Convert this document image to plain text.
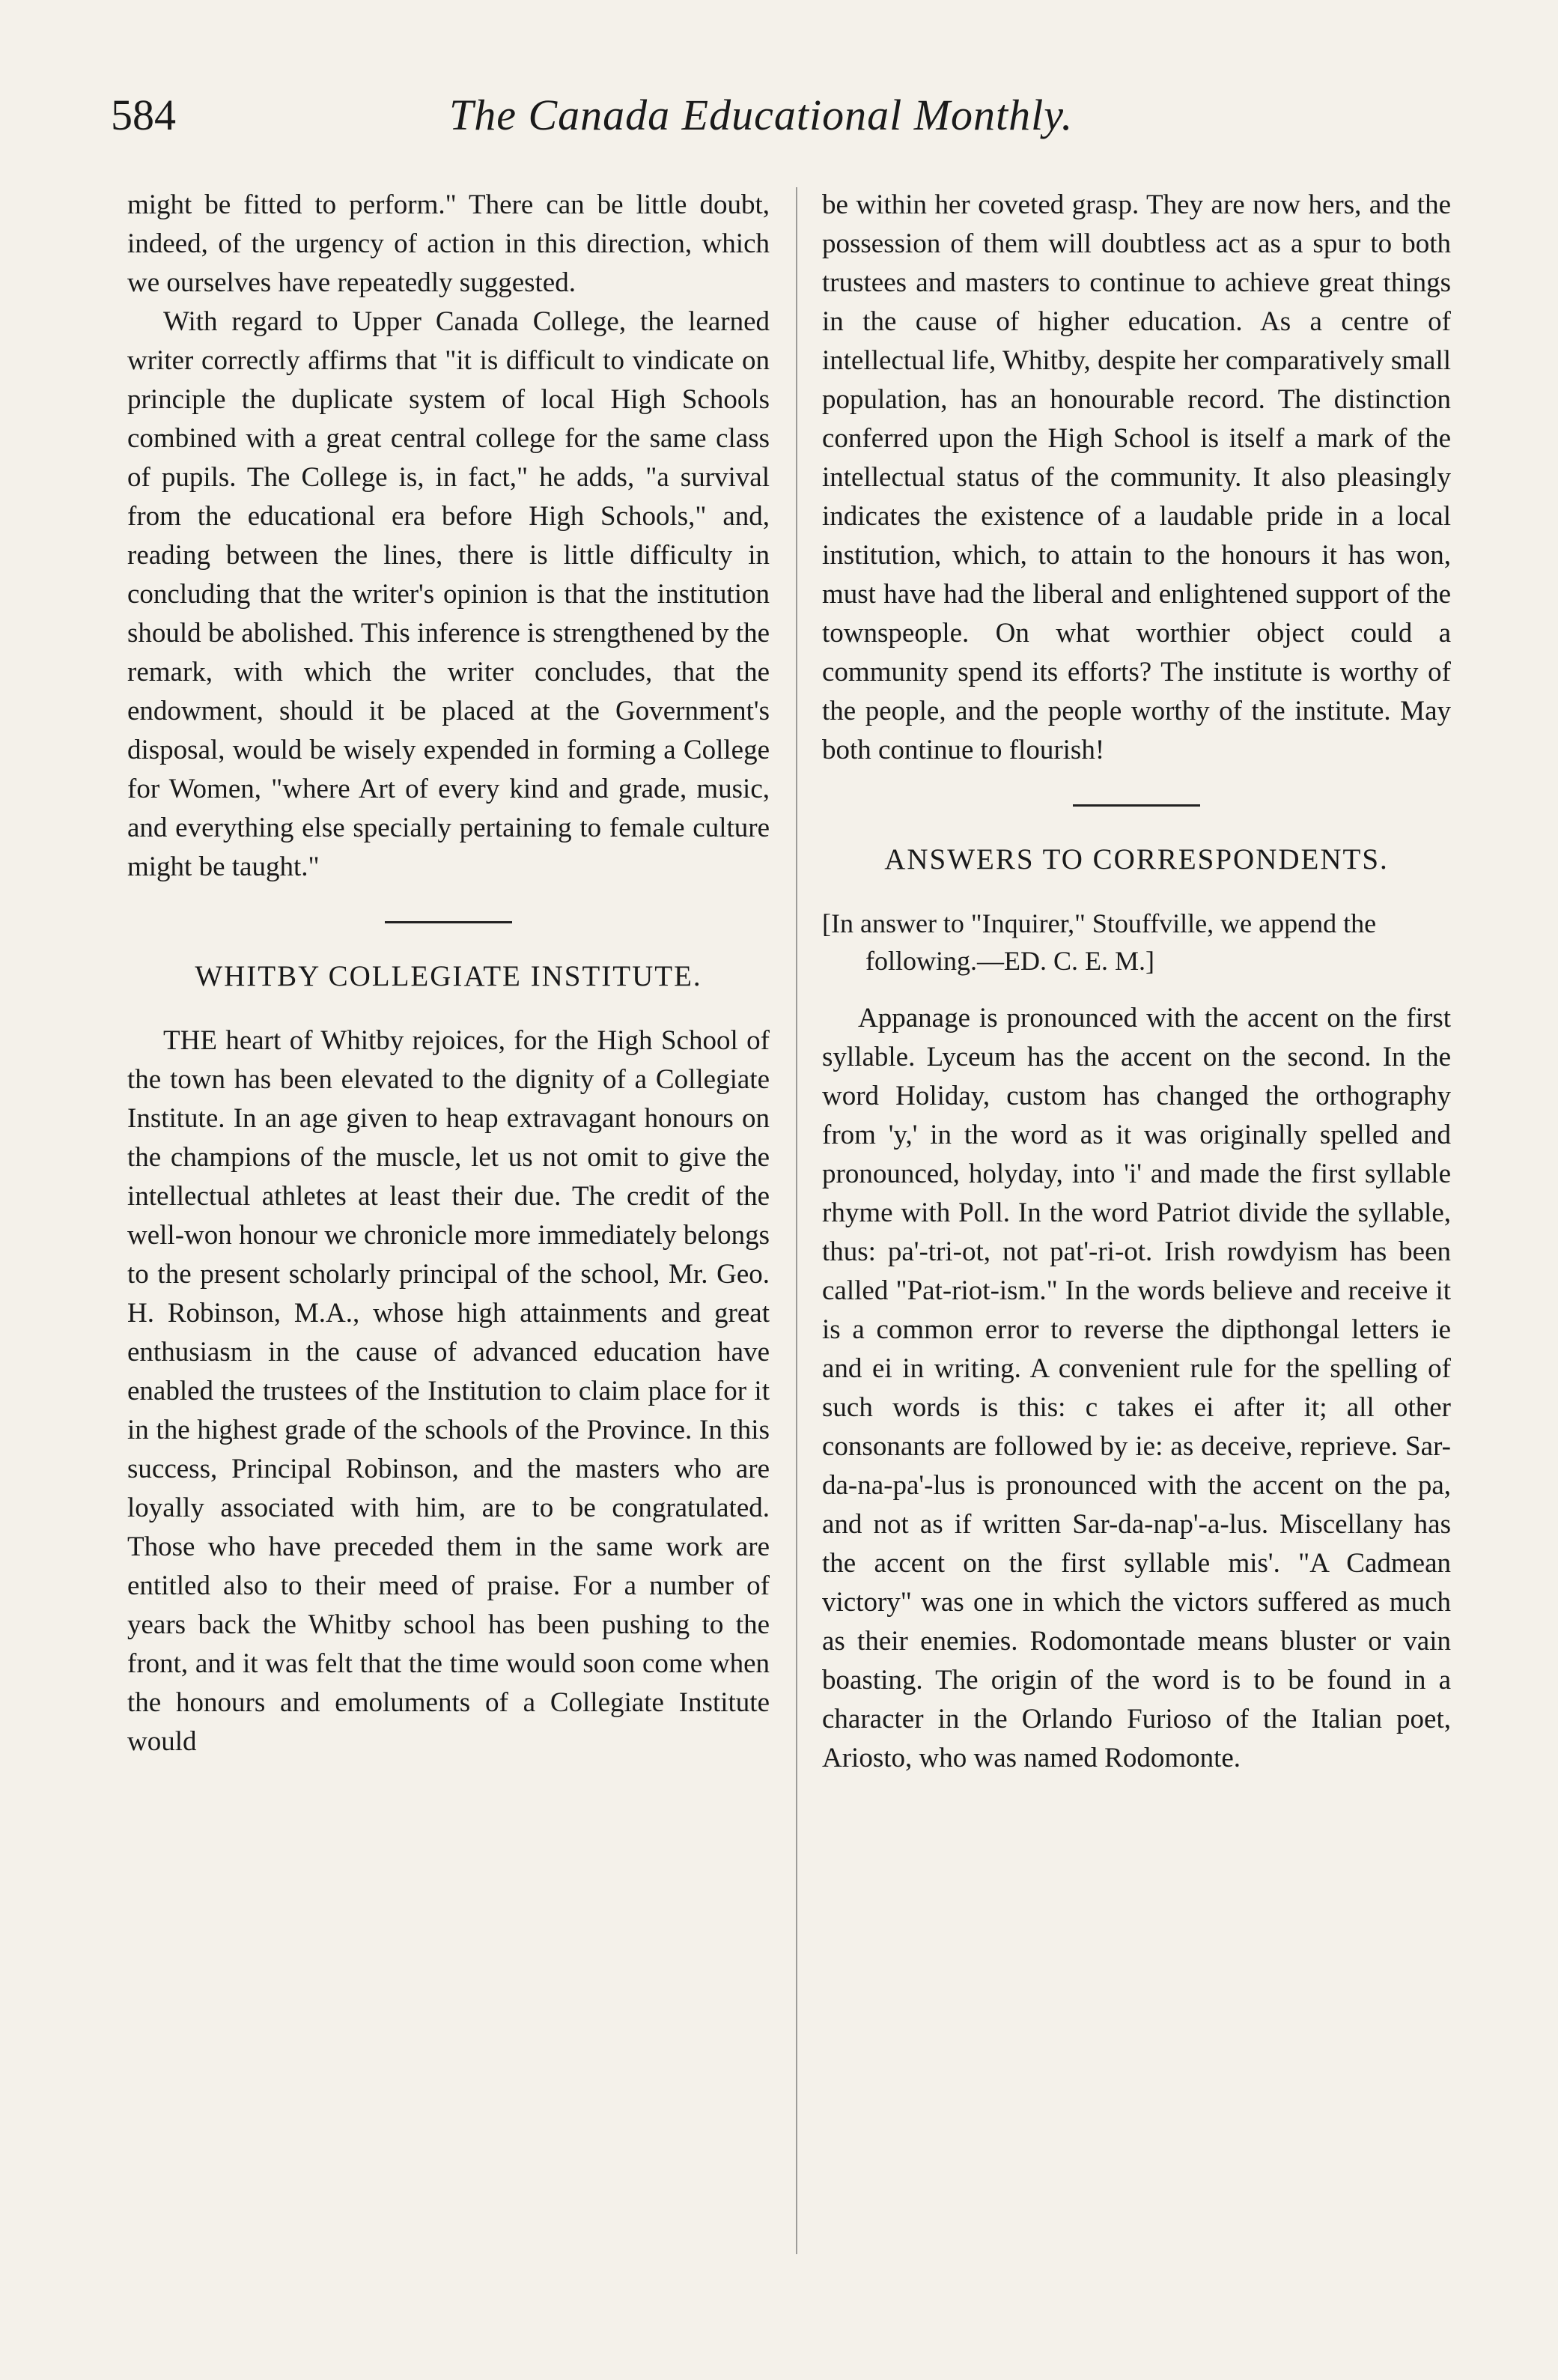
584	The Canada Educational Monthly.

might be fitted to perform." There can be little doubt, indeed, of the urgency of action in this direction, which we ourselves have repeatedly suggested.

With regard to Upper Canada College, the learned writer correctly affirms that "it is difficult to vindicate on principle the duplicate system of local High Schools combined with a great central college for the same class of pupils. The College is, in fact," he adds, "a survival from the educational era before High Schools," and, reading between the lines, there is little difficulty in concluding that the writer's opinion is that the institution should be abolished. This inference is strengthened by the remark, with which the writer concludes, that the endowment, should it be placed at the Government's disposal, would be wisely expended in forming a College for Women, "where Art of every kind and grade, music, and everything else specially pertaining to female culture might be taught."

WHITBY COLLEGIATE INSTITUTE.

THE heart of Whitby rejoices, for the High School of the town has been elevated to the dignity of a Collegiate Institute. In an age given to heap extravagant honours on the champions of the muscle, let us not omit to give the intellectual athletes at least their due. The credit of the well-won honour we chronicle more immediately belongs to the present scholarly principal of the school, Mr. Geo. H. Robinson, M.A., whose high attainments and great enthusiasm in the cause of advanced education have enabled the trustees of the Institution to claim place for it in the highest grade of the schools of the Province. In this success, Principal Robinson, and the masters who are loyally associated with him, are to be congratulated. Those who have preceded them in the same work are entitled also to their meed of praise. For a number of years back the Whitby school has been pushing to the front, and it was felt that the time would soon come when the honours and emoluments of a Collegiate Institute would

be within her coveted grasp. They are now hers, and the possession of them will doubtless act as a spur to both trustees and masters to continue to achieve great things in the cause of higher education. As a centre of intellectual life, Whitby, despite her comparatively small population, has an honourable record. The distinction conferred upon the High School is itself a mark of the intellectual status of the community. It also pleasingly indicates the existence of a laudable pride in a local institution, which, to attain to the honours it has won, must have had the liberal and enlightened support of the townspeople. On what worthier object could a community spend its efforts? The institute is worthy of the people, and the people worthy of the institute. May both continue to flourish!

ANSWERS TO CORRESPONDENTS.

[In answer to "Inquirer," Stouffville, we append the following.—ED. C. E. M.]

Appanage is pronounced with the accent on the first syllable. Lyceum has the accent on the second. In the word Holiday, custom has changed the orthography from 'y,' in the word as it was originally spelled and pronounced, holyday, into 'i' and made the first syllable rhyme with Poll. In the word Patriot divide the syllable, thus: pa'-tri-ot, not pat'-ri-ot. Irish rowdyism has been called "Pat-riot-ism." In the words believe and receive it is a common error to reverse the dipthongal letters ie and ei in writing. A convenient rule for the spelling of such words is this: c takes ei after it; all other consonants are followed by ie: as deceive, reprieve. Sar-da-na-pa'-lus is pronounced with the accent on the pa, and not as if written Sar-da-nap'-a-lus. Miscellany has the accent on the first syllable mis'. "A Cadmean victory" was one in which the victors suffered as much as their enemies. Rodomontade means bluster or vain boasting. The origin of the word is to be found in a character in the Orlando Furioso of the Italian poet, Ariosto, who was named Rodomonte.
